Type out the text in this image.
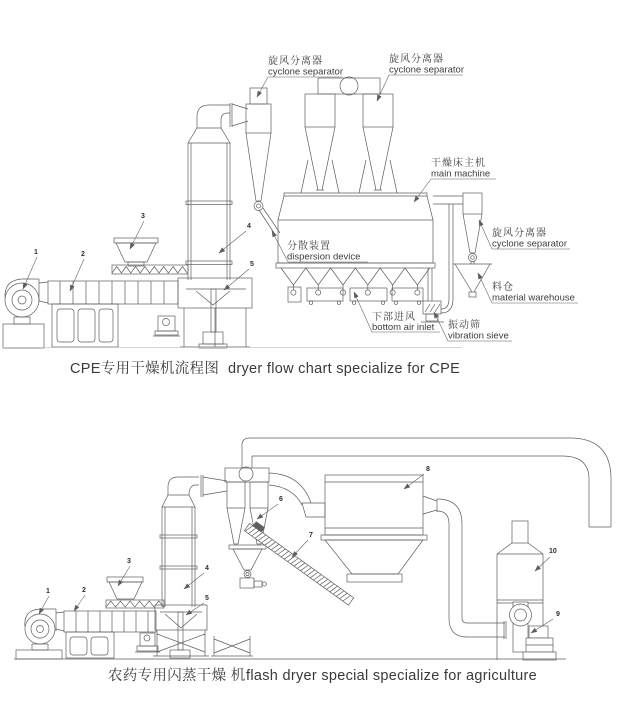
旋风分离器
cyclone separator
旋风分离器
cyclone separator
干燥床主机
main machine
分散装置
dispersion device
下部进风
bottom air inlet
旋风分离器
cyclone separator
料仓
material warehouse
振动筛
vibration sieve
1	2
3
4
5
CPE专用干燥机流程图 dryer flow chart specialize for CPE
1	2
3
4
5
6
7
8
9
10
农药专用闪蒸干燥 机 flash dryer special specialize for agriculture
